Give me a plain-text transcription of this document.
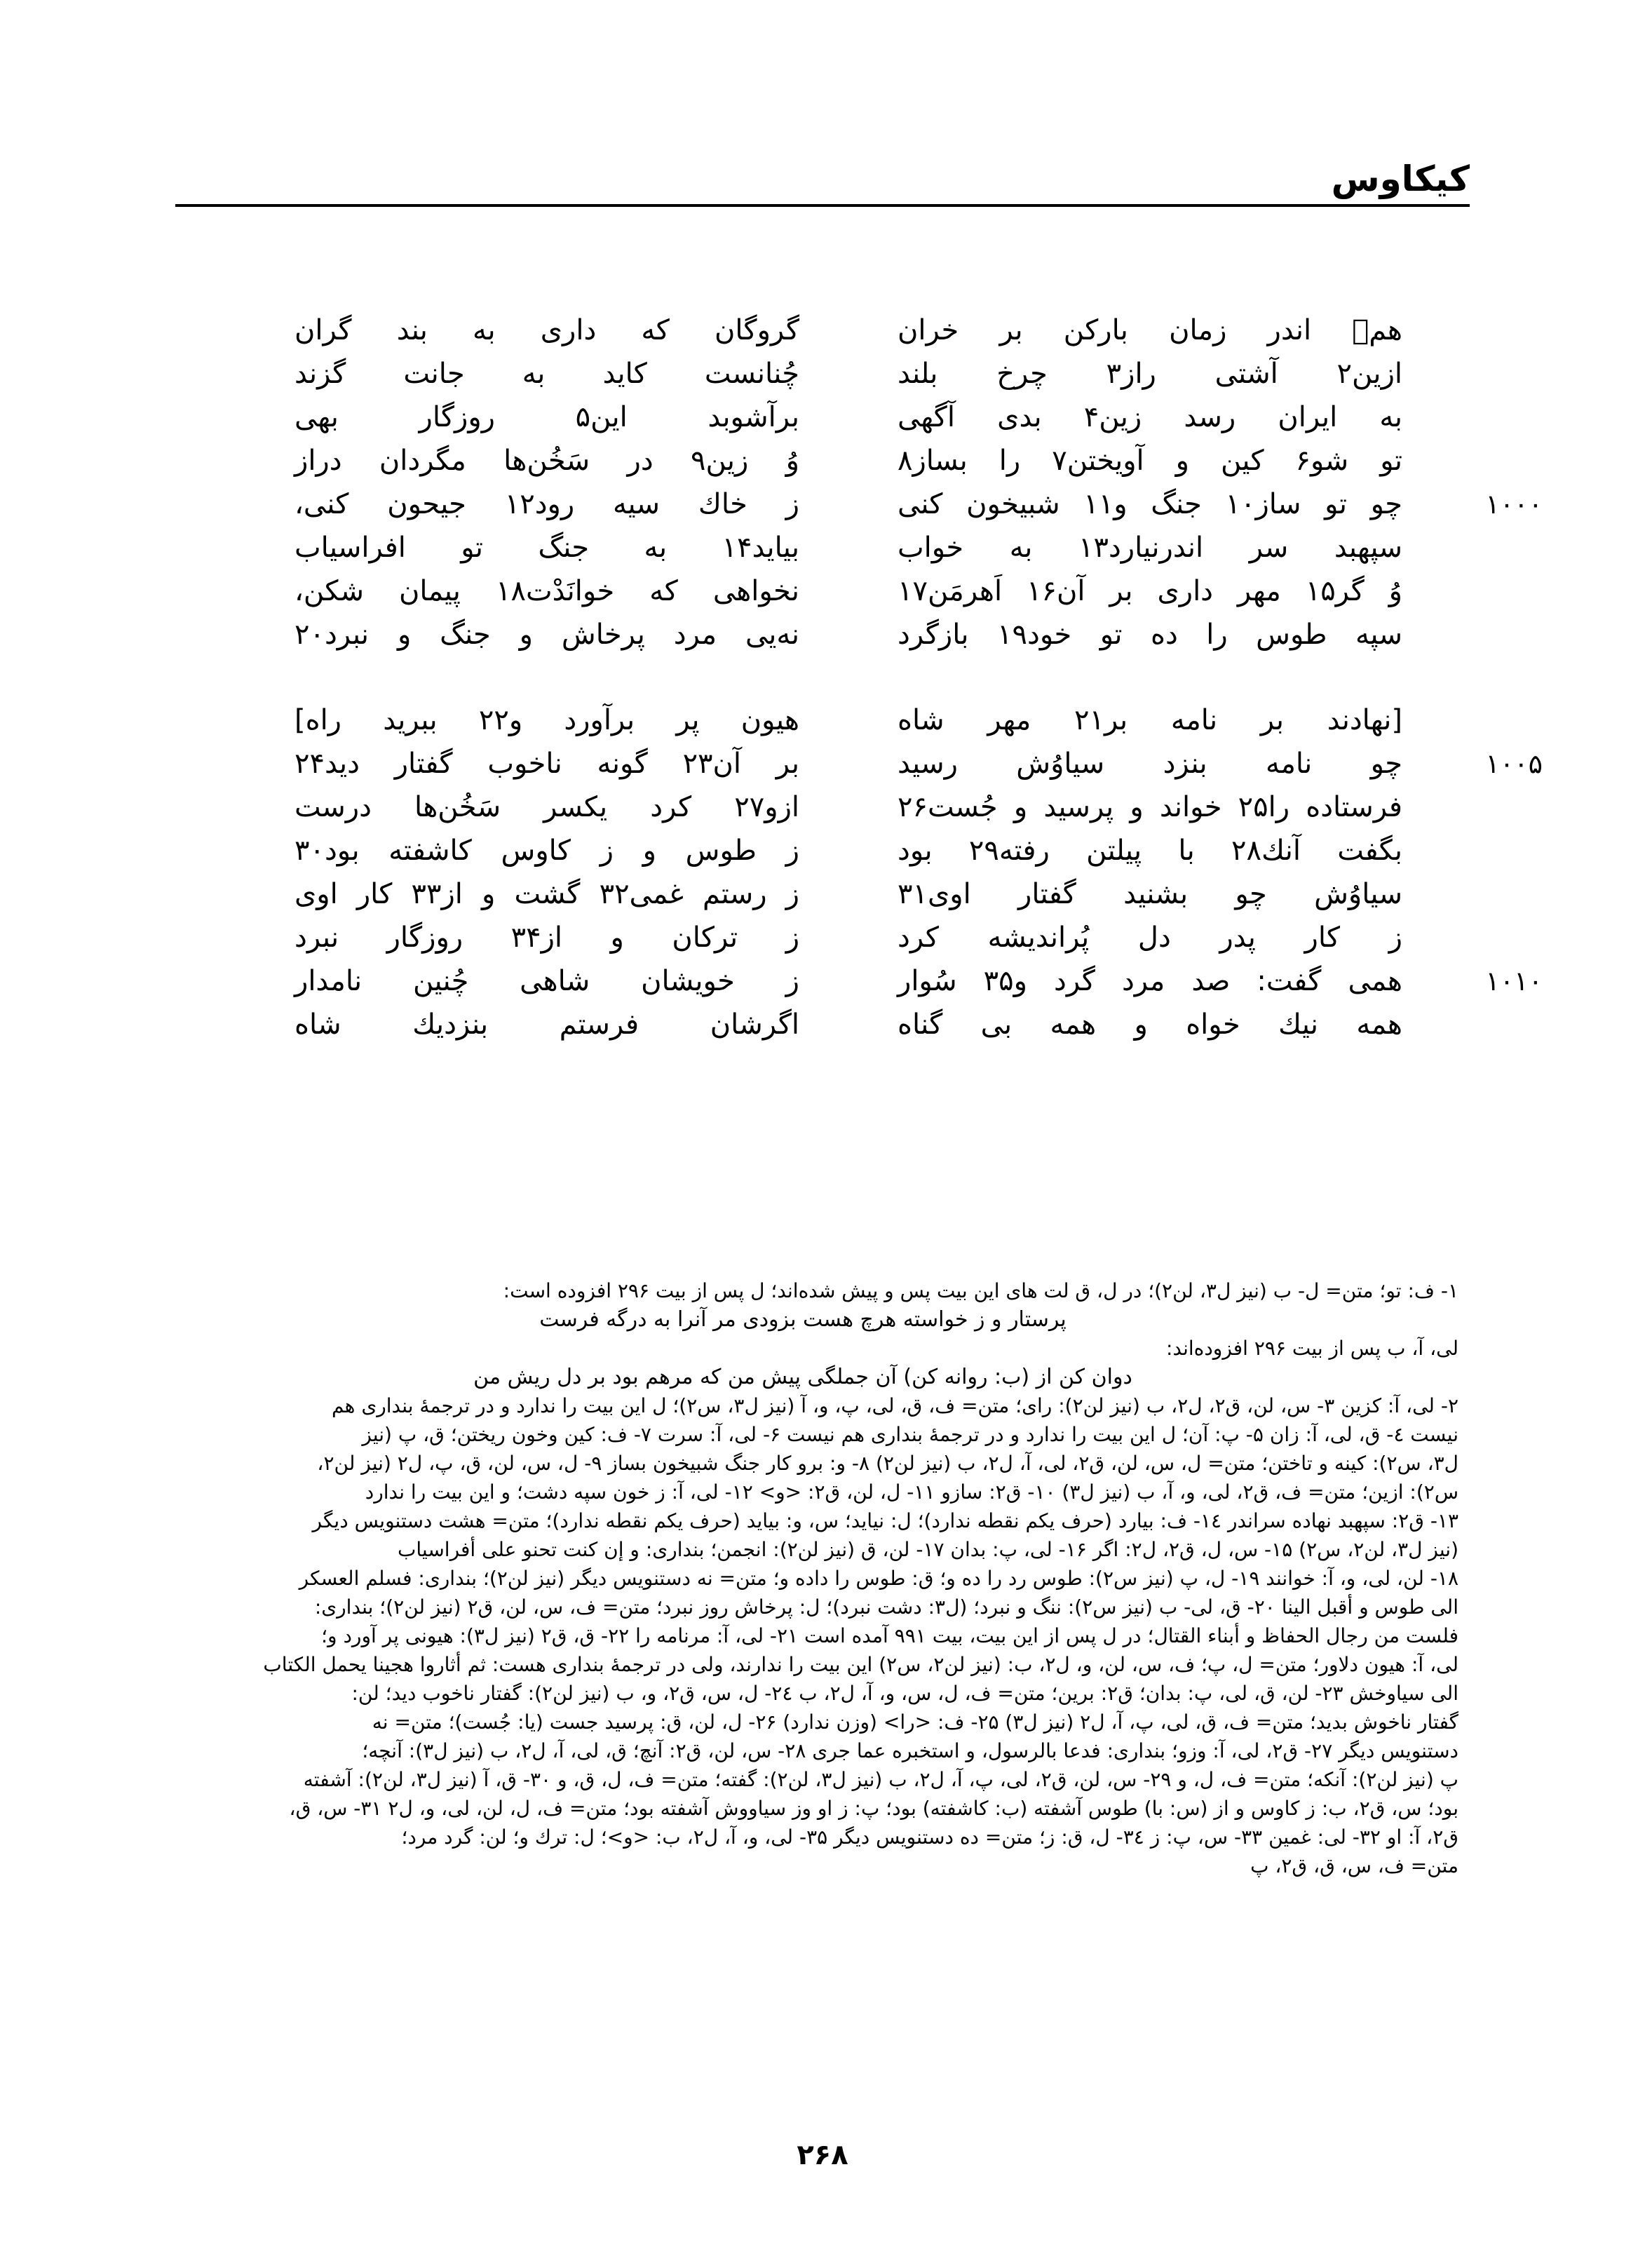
کیکاوس
همۘ اندر زمان بارکن بر خران
گروگان که داری به بند گران
ازین۲ آشتی راز۳ چرخ بلند
چُنانست کاید به جانت گزند
به ایران رسد زین۴ بدی آگهی
برآشوبد این۵ روزگار بهی
تو شو۶ کین و آویختن۷ را بساز۸
وُ زین۹ در سَخُن‌ها مگردان دراز
۱۰۰۰
چو تو ساز۱۰ جنگ و۱۱ شبیخون کنی
ز خاك سیه رود۱۲ جیحون کنی،
سپهبد سر اندرنیارد۱۳ به خواب
بیاید۱۴ به جنگ تو افراسیاب
وُ گر۱۵ مهر داری بر آن۱۶ اَهرمَن۱۷
نخواهی که خوانَدْت۱۸ پیمان شکن،
سپه طوس را ده تو خود۱۹ بازگرد
نه‌یی مرد پرخاش و جنگ و نبرد۲۰
[نهادند بر نامه بر۲۱ مهر شاه
هیون پر برآورد و۲۲ ببرید راه]
۱۰۰۵
چو نامه بنزد سیاوُش رسید
بر آن۲۳ گونه ناخوب گفتار دید۲۴
فرستاده را۲۵ خواند و پرسید و جُست۲۶
ازو۲۷ کرد یکسر سَخُن‌ها درست
بگفت آنك۲۸ با پیلتن رفته۲۹ بود
ز طوس و ز کاوس کاشفته بود۳۰
سیاوُش چو بشنید گفتار اوی۳۱
ز رستم غمی۳۲ گشت و از۳۳ کار اوی
ز کار پدر دل پُراندیشه کرد
ز ترکان و از۳۴ روزگار نبرد
۱۰۱۰
همی گفت: صد مرد گرد و۳۵ سُوار
ز خویشان شاهی چُنین نامدار
همه نیك خواه و همه بی گناه
اگرشان فرستم بنزدیك شاه
۱- ف: تو؛ متن= ل- ب (نیز ل۳، لن۲)؛ در ل، ق لت های این بیت پس و پیش شده‌اند؛ ل پس از بیت ۲۹۶ افزوده است:
پرستار و ز خواسته هرچ هست بزودی مر آنرا به درگه فرست
لی، آ، ب پس از بیت ۲۹۶ افزوده‌اند:
دوان کن از (ب: روانه کن) آن جملگی پیش من که مرهم بود بر دل ریش من
۲- لی، آ: کزین ۳- س، لن، ق۲، ل۲، ب (نیز لن۲): رای؛ متن= ف، ق، لی، پ، و، آ (نیز ل۳، س۲)؛ ل این بیت را ندارد و در ترجمهٔ بنداری هم
نیست ٤- ق، لی، آ: زان ۵- پ: آن؛ ل این بیت را ندارد و در ترجمهٔ بنداری هم نیست ۶- لی، آ: سرت ۷- ف: کین وخون ریختن؛ ق، پ (نیز
ل۳، س۲): کینه و تاختن؛ متن= ل، س، لن، ق۲، لی، آ، ل۲، ب (نیز لن۲) ۸- و: برو کار جنگ شبیخون بساز ۹- ل، س، لن، ق، پ، ل۲ (نیز لن۲،
س۲): ازین؛ متن= ف، ق۲، لی، و، آ، ب (نیز ل۳) ۱۰- ق۲: سازو ۱۱- ل، لن، ق۲: <و> ۱۲- لی، آ: ز خون سپه دشت؛ و این بیت را ندارد
۱۳- ق۲: سپهبد نهاده سراندر ۱٤- ف: بیارد (حرف یکم نقطه ندارد)؛ ل: نیاید؛ س، و: بیاید (حرف یکم نقطه ندارد)؛ متن= هشت دستنویس دیگر
(نیز ل۳، لن۲، س۲) ۱۵- س، ل، ق۲، ل۲: اگر ۱۶- لی، پ: بدان ۱۷- لن، ق (نیز لن۲): انجمن؛ بنداری: و إن کنت تحنو علی أفراسیاب
۱۸- لن، لی، و، آ: خوانند ۱۹- ل، پ (نیز س۲): طوس رد را ده و؛ ق: طوس را داده و؛ متن= نه دستنویس دیگر (نیز لن۲)؛ بنداری: فسلم العسکر
الی طوس و أقبل الینا ۲۰- ق، لی- ب (نیز س۲): ننگ و نبرد؛ (ل۳: دشت نبرد)؛ ل: پرخاش روز نبرد؛ متن= ف، س، لن، ق۲ (نیز لن۲)؛ بنداری:
فلست من رجال الحفاظ و أبناء القتال؛ در ل پس از این بیت، بیت ۹۹۱ آمده است ۲۱- لی، آ: مرنامه را ۲۲- ق، ق۲ (نیز ل۳): هیونی پر آورد و؛
لی، آ: هیون دلاور؛ متن= ل، پ؛ ف، س، لن، و، ل۲، ب: (نیز لن۲، س۲) این بیت را ندارند، ولی در ترجمهٔ بنداری هست: ثم أثاروا هجینا یحمل الکتاب
الی سیاوخش ۲۳- لن، ق، لی، پ: بدان؛ ق۲: برین؛ متن= ف، ل، س، و، آ، ل۲، ب ۲٤- ل، س، ق۲، و، ب (نیز لن۲): گفتار ناخوب دید؛ لن:
گفتار ناخوش بدید؛ متن= ف، ق، لی، پ، آ، ل۲ (نیز ل۳) ۲۵- ف: <را> (وزن ندارد) ۲۶- ل، لن، ق: پرسید جست (یا: جُست)؛ متن= نه
دستنویس دیگر ۲۷- ق۲، لی، آ: وزو؛ بنداری: فدعا بالرسول، و استخبره عما جری ۲۸- س، لن، ق۲: آنچ؛ ق، لی، آ، ل۲، ب (نیز ل۳): آنچه؛
پ (نیز لن۲): آنکه؛ متن= ف، ل، و ۲۹- س، لن، ق۲، لی، پ، آ، ل۲، ب (نیز ل۳، لن۲): گفته؛ متن= ف، ل، ق، و ۳۰- ق، آ (نیز ل۳، لن۲): آشفته
بود؛ س، ق۲، ب: ز کاوس و از (س: با) طوس آشفته (ب: کاشفته) بود؛ پ: ز او وز سیاووش آشفته بود؛ متن= ف، ل، لن، لی، و، ل۲ ۳۱- س، ق،
ق۲، آ: او ۳۲- لی: غمین ۳۳- س، پ: ز ۳٤- ل، ق: ز؛ متن= ده دستنویس دیگر ۳۵- لی، و، آ، ل۲، ب: <و>؛ ل: ترك و؛ لن: گرد مرد؛
متن= ف، س، ق، ق۲، پ
۲۶۸
